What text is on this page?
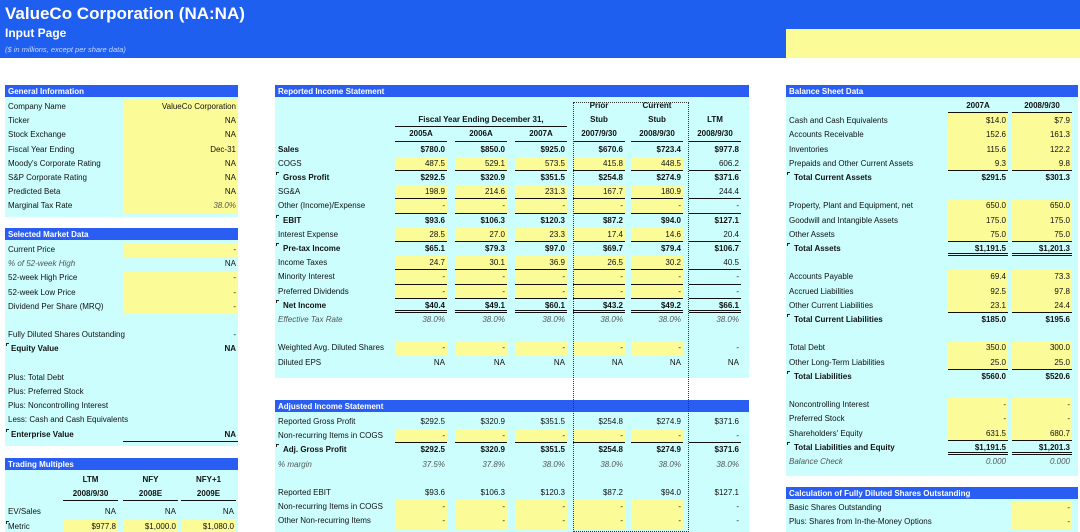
ValueCo Corporation (NA:NA)
Input Page
($ in millions, except per share data)
General Information
Company Name	ValueCo Corporation
Ticker	NA
Stock Exchange	NA
Fiscal Year Ending	Dec-31
Moody's Corporate Rating	NA
S&P Corporate Rating	NA
Predicted Beta	NA
Marginal Tax Rate	38.0%
Selected Market Data
Current Price	-
% of 52-week High	NA
52-week High Price	-
52-week Low Price	-
Dividend Per Share (MRQ)	-
Fully Diluted Shares Outstanding	-
Equity Value	NA
Plus: Total Debt
Plus: Preferred Stock
Plus: Noncontrolling Interest
Less: Cash and Cash Equivalents
Enterprise Value	NA
Trading Multiples
LTM	NFY	NFY+1
2008/9/30	2008E	2009E
EV/Sales	NA	NA	NA
Metric	$977.8	$1,000.0	$1,080.0
Reported Income Statement
Prior	Current
Fiscal Year Ending December 31,	Stub	Stub	LTM
2005A	2006A	2007A	2007/9/30	2008/9/30	2008/9/30
Sales	$780.0	$850.0	$925.0	$670.6	$723.4	$977.8
COGS	487.5	529.1	573.5	415.8	448.5	606.2
Gross Profit	$292.5	$320.9	$351.5	$254.8	$274.9	$371.6
SG&A	198.9	214.6	231.3	167.7	180.9	244.4
Other (Income)/Expense	-	-	-	-	-	-
EBIT	$93.6	$106.3	$120.3	$87.2	$94.0	$127.1
Interest Expense	28.5	27.0	23.3	17.4	14.6	20.4
Pre-tax Income	$65.1	$79.3	$97.0	$69.7	$79.4	$106.7
Income Taxes	24.7	30.1	36.9	26.5	30.2	40.5
Minority Interest	-	-	-	-	-	-
Preferred Dividends	-	-	-	-	-	-
Net Income	$40.4	$49.1	$60.1	$43.2	$49.2	$66.1
Effective Tax Rate	38.0%	38.0%	38.0%	38.0%	38.0%	38.0%
Weighted Avg. Diluted Shares	-	-	-	-	-	-
Diluted EPS	NA	NA	NA	NA	NA	NA
Adjusted Income Statement
Reported Gross Profit	$292.5	$320.9	$351.5	$254.8	$274.9	$371.6
Non-recurring Items in COGS	-	-	-	-	-	-
Adj. Gross Profit	$292.5	$320.9	$351.5	$254.8	$274.9	$371.6
% margin	37.5%	37.8%	38.0%	38.0%	38.0%	38.0%
Reported EBIT	$93.6	$106.3	$120.3	$87.2	$94.0	$127.1
Non-recurring Items in COGS	-	-	-	-	-	-
Other Non-recurring Items	-	-	-	-	-	-
Balance Sheet Data
2007A	2008/9/30
Cash and Cash Equivalents	$14.0	$7.9
Accounts Receivable	152.6	161.3
Inventories	115.6	122.2
Prepaids and Other Current Assets	9.3	9.8
Total Current Assets	$291.5	$301.3
Property, Plant and Equipment, net	650.0	650.0
Goodwill and Intangible Assets	175.0	175.0
Other Assets	75.0	75.0
Total Assets	$1,191.5	$1,201.3
Accounts Payable	69.4	73.3
Accrued Liabilities	92.5	97.8
Other Current Liabilities	23.1	24.4
Total Current Liabilities	$185.0	$195.6
Total Debt	350.0	300.0
Other Long-Term Liabilities	25.0	25.0
Total Liabilities	$560.0	$520.6
Noncontrolling Interest	-	-
Preferred Stock	-	-
Shareholders' Equity	631.5	680.7
Total Liabilities and Equity	$1,191.5	$1,201.3
Balance Check	0.000	0.000
Calculation of Fully Diluted Shares Outstanding
Basic Shares Outstanding	-
Plus: Shares from In-the-Money Options	-
